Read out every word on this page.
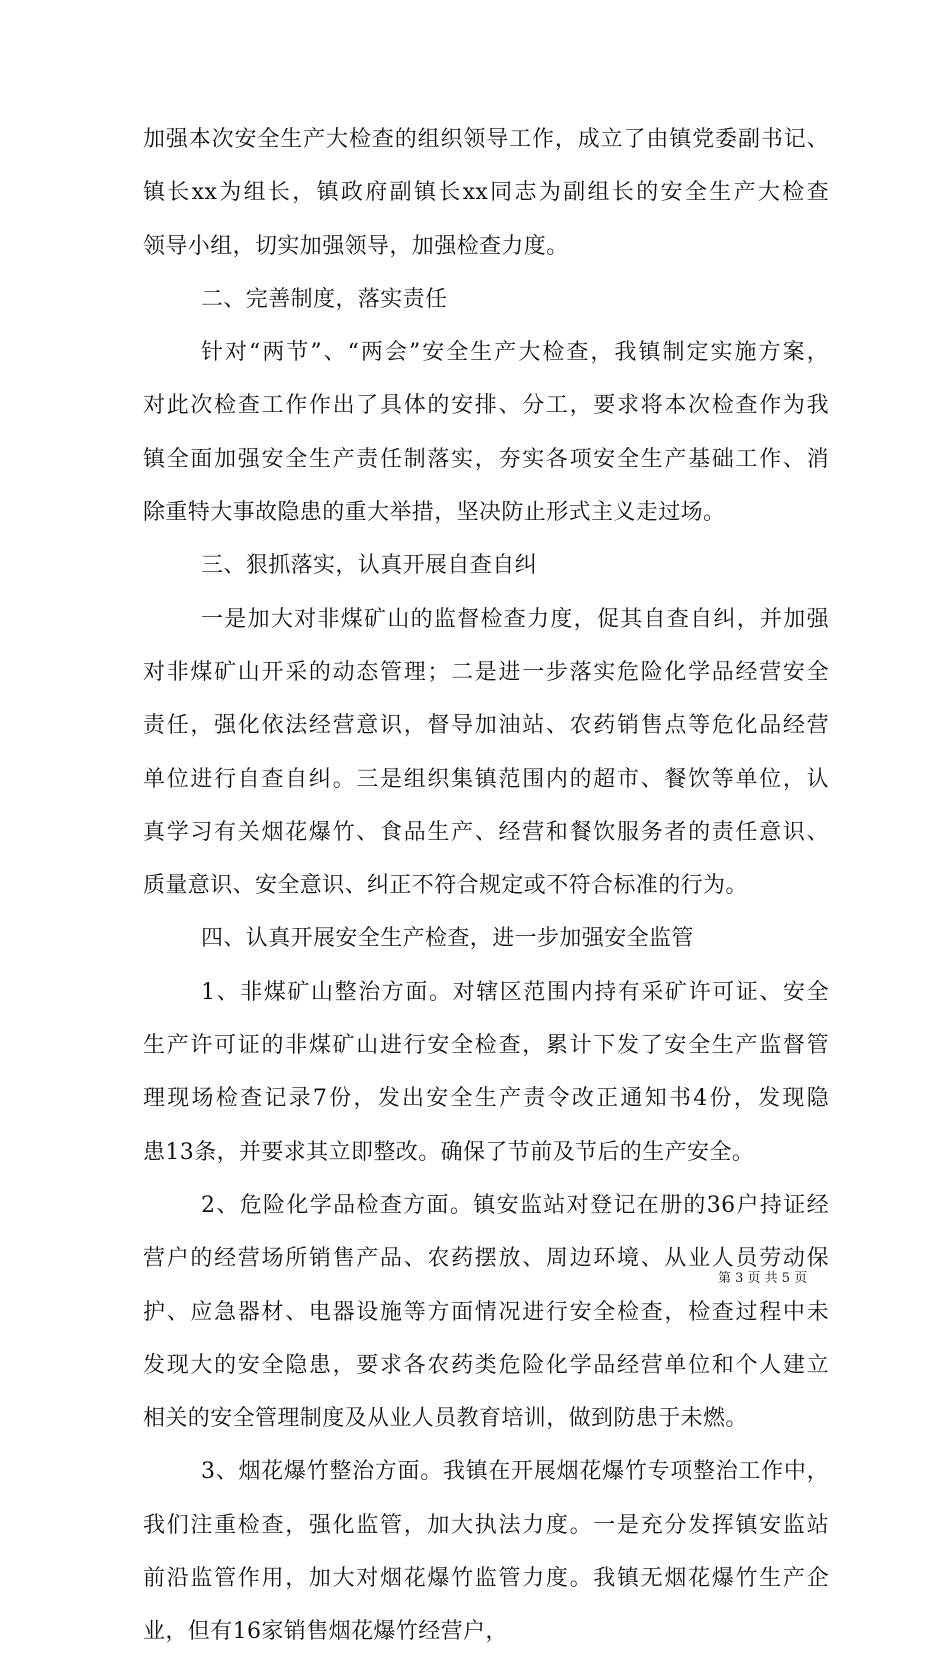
加强本次安全生产大检查的组织领导工作，成立了由镇党委副书记、
镇长xx为组长，镇政府副镇长xx同志为副组长的安全生产大检查
领导小组，切实加强领导，加强检查力度。
二、完善制度，落实责任
针对“两节”、“两会”安全生产大检查，我镇制定实施方案，
对此次检查工作作出了具体的安排、分工，要求将本次检查作为我
镇全面加强安全生产责任制落实，夯实各项安全生产基础工作、消
除重特大事故隐患的重大举措，坚决防止形式主义走过场。
三、狠抓落实，认真开展自查自纠
一是加大对非煤矿山的监督检查力度，促其自查自纠，并加强
对非煤矿山开采的动态管理；二是进一步落实危险化学品经营安全
责任，强化依法经营意识，督导加油站、农药销售点等危化品经营
单位进行自查自纠。三是组织集镇范围内的超市、餐饮等单位，认
真学习有关烟花爆竹、食品生产、经营和餐饮服务者的责任意识、
质量意识、安全意识、纠正不符合规定或不符合标准的行为。
四、认真开展安全生产检查，进一步加强安全监管
1、非煤矿山整治方面。对辖区范围内持有采矿许可证、安全
生产许可证的非煤矿山进行安全检查，累计下发了安全生产监督管
理现场检查记录7份，发出安全生产责令改正通知书4份，发现隐
患13条，并要求其立即整改。确保了节前及节后的生产安全。
2、危险化学品检查方面。镇安监站对登记在册的36户持证经
营户的经营场所销售产品、农药摆放、周边环境、从业人员劳动保
护、应急器材、电器设施等方面情况进行安全检查，检查过程中未
发现大的安全隐患，要求各农药类危险化学品经营单位和个人建立
相关的安全管理制度及从业人员教育培训，做到防患于未燃。
3、烟花爆竹整治方面。我镇在开展烟花爆竹专项整治工作中，
我们注重检查，强化监管，加大执法力度。一是充分发挥镇安监站
前沿监管作用，加大对烟花爆竹监管力度。我镇无烟花爆竹生产企
业，但有16家销售烟花爆竹经营户，
第 3 页 共 5 页
